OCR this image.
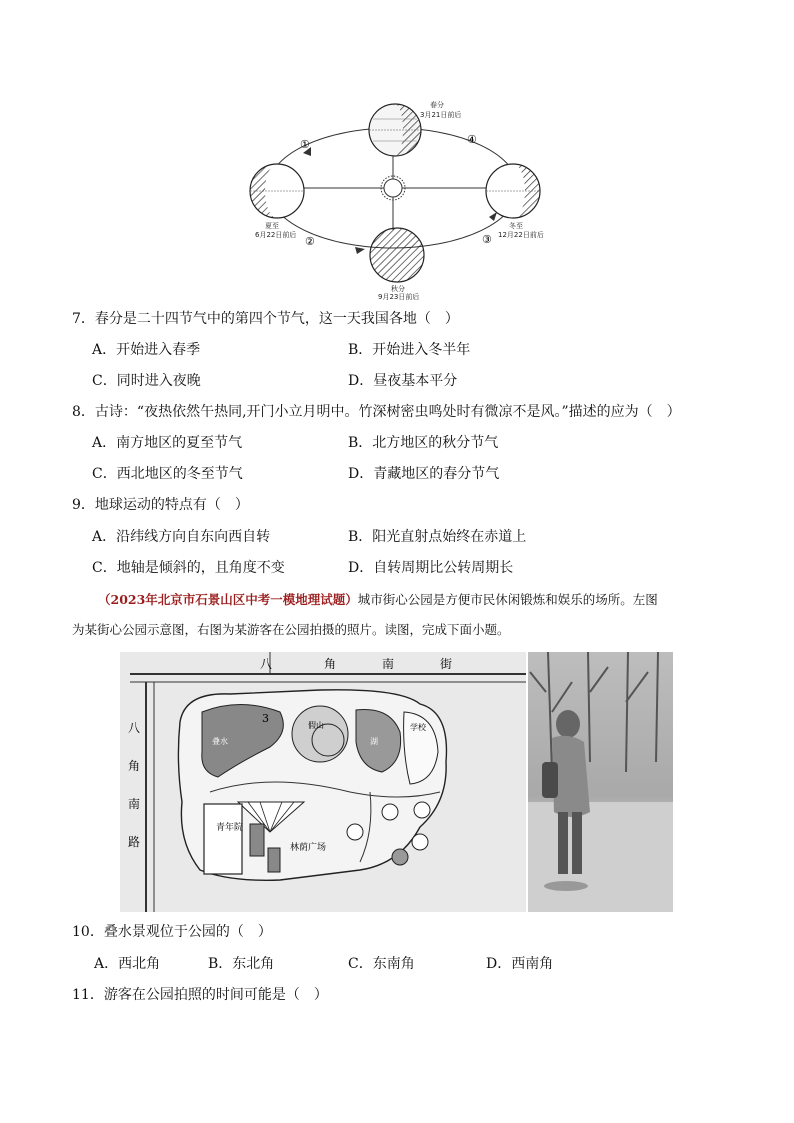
春分
3月21日前后
夏至
6月22日前后
冬至
12月22日前后
秋分
9月23日前后
①
②	③
④
7．春分是二十四节气中的第四个节气，这一天我国各地（　）
A．开始进入春季	B．开始进入冬半年
C．同时进入夜晚	D．昼夜基本平分
8．古诗：“夜热依然午热同,开门小立月明中。竹深树密虫鸣处时有微凉不是风。”描述的应为（　）
A．南方地区的夏至节气	B．北方地区的秋分节气
C．西北地区的冬至节气	D．青藏地区的春分节气
9．地球运动的特点有（　）
A．沿纬线方向自东向西自转	B．阳光直射点始终在赤道上
C．地轴是倾斜的，且角度不变	D．自转周期比公转周期长
（2023年北京市石景山区中考一模地理试题）城市街心公园是方便市民休闲锻炼和娱乐的场所。左图
为某街心公园示意图，右图为某游客在公园拍摄的照片。读图，完成下面小题。
八	角	南	街
八
角
南
路
3
叠水
假山
湖
学校
青年院
林荫广场
10．叠水景观位于公园的（　）
A．西北角	B．东北角	C．东南角	D．西南角
11．游客在公园拍照的时间可能是（　）
